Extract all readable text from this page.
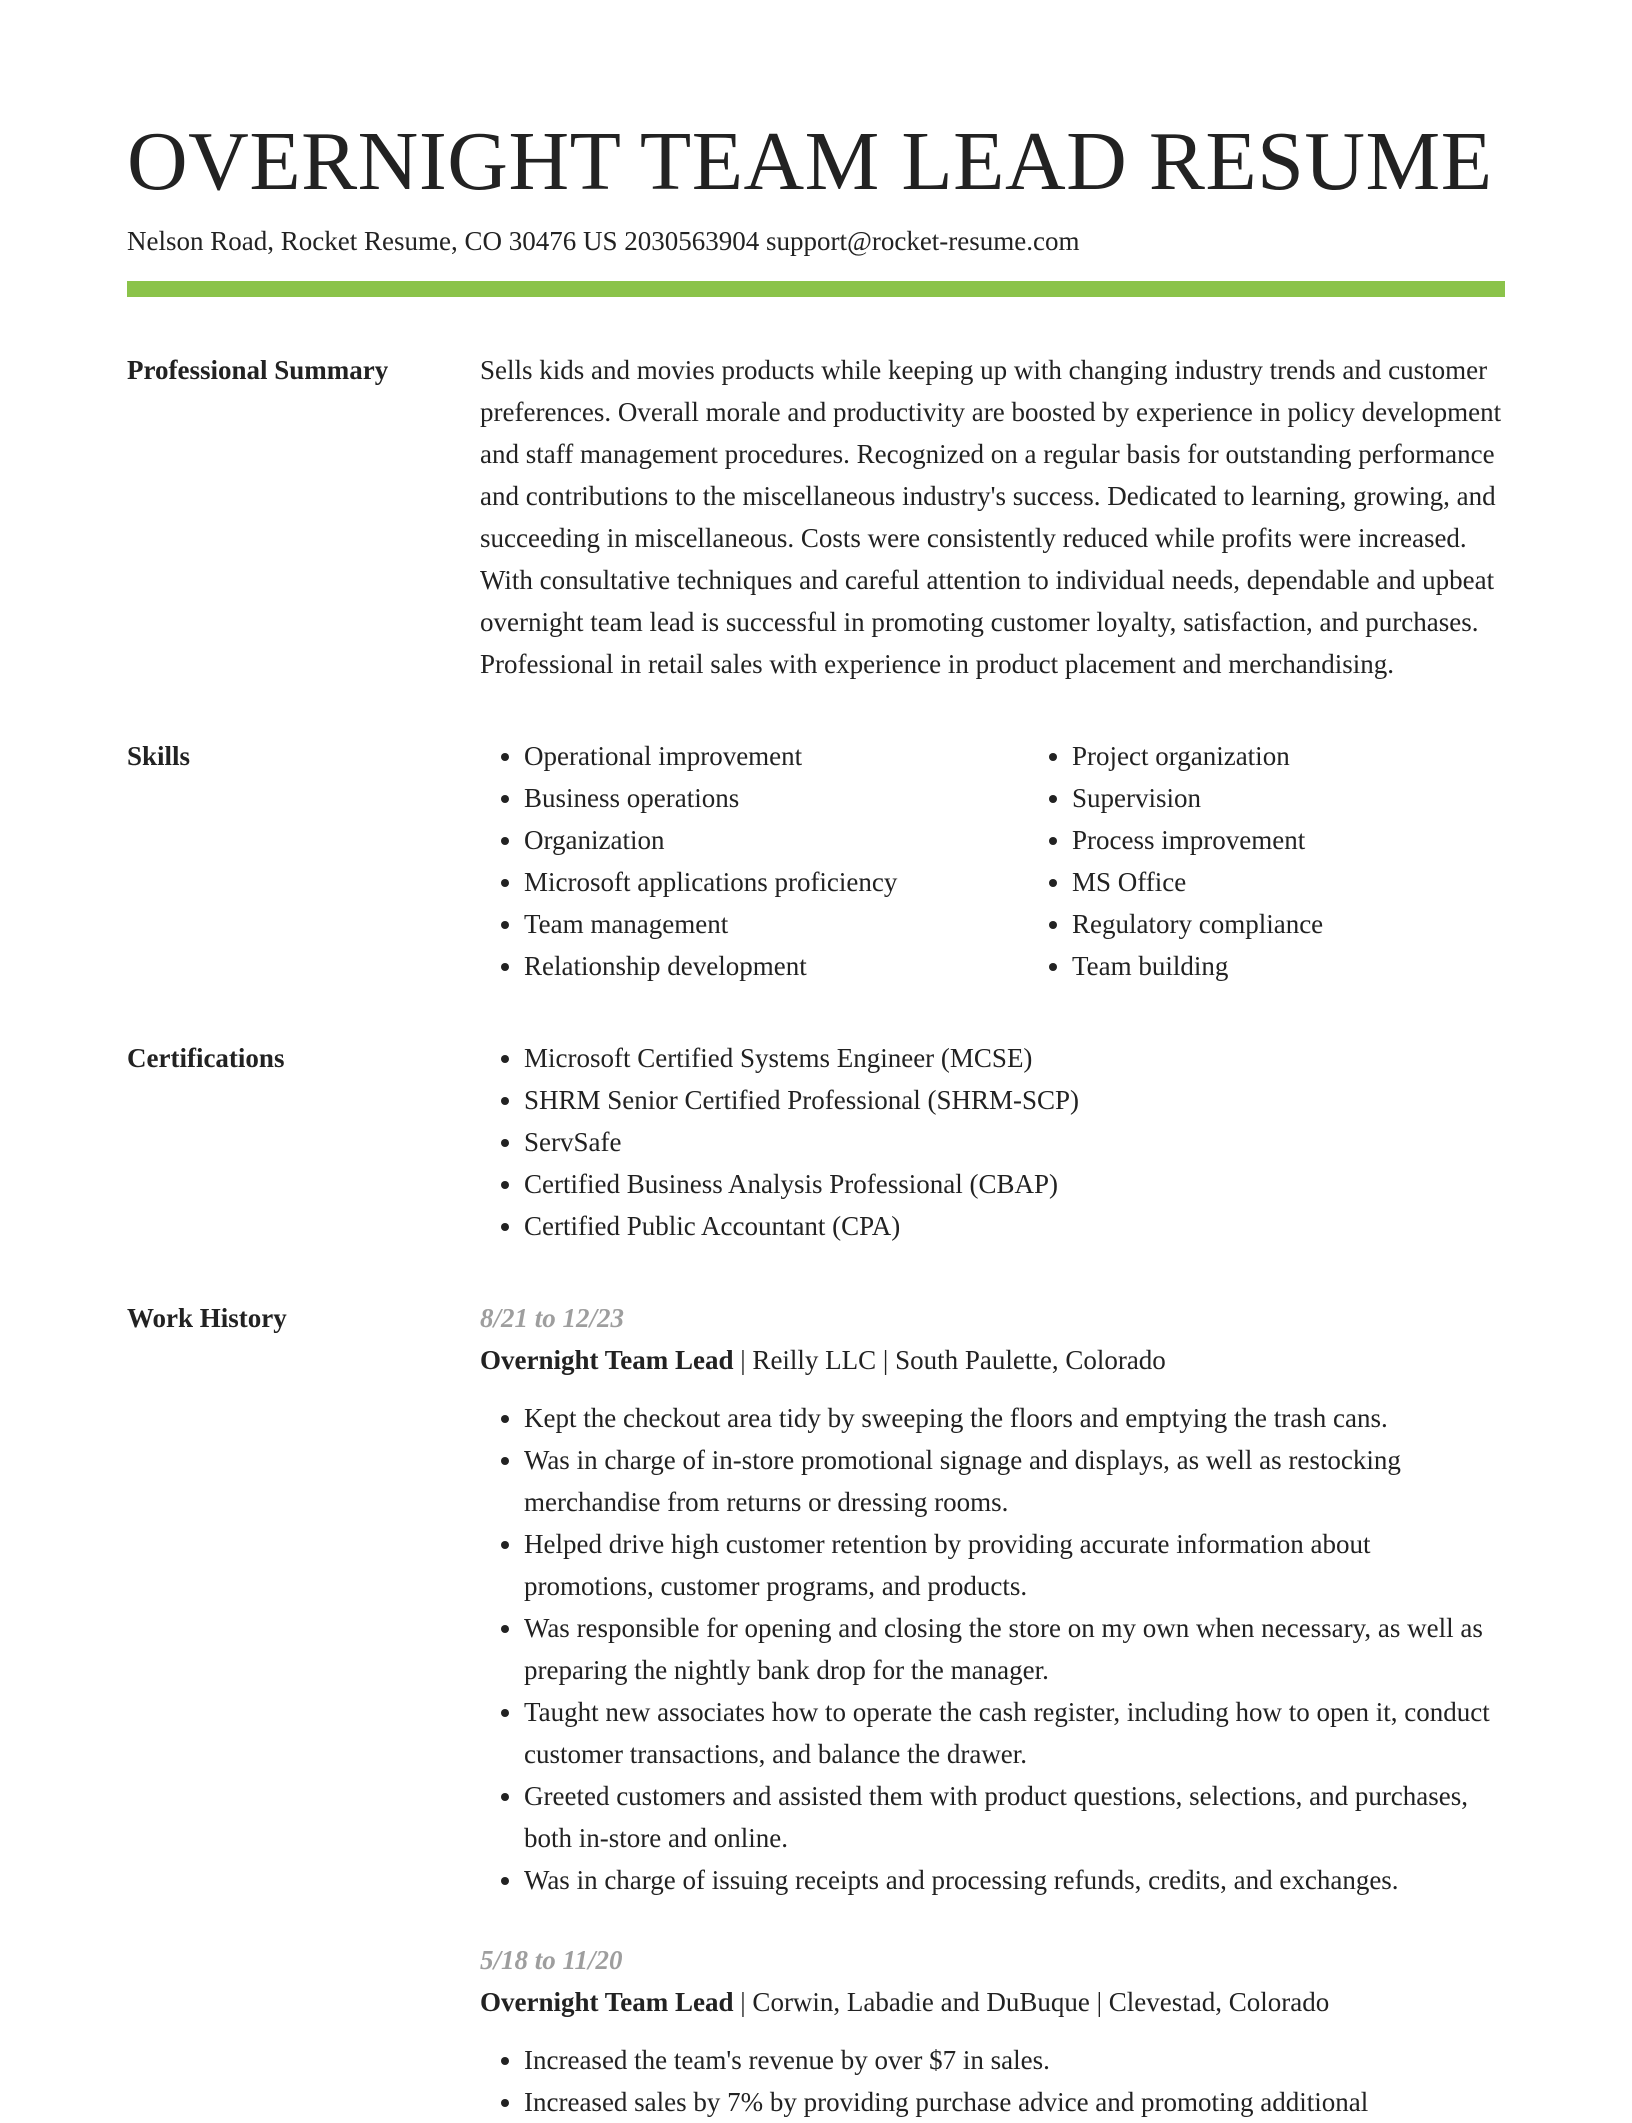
OVERNIGHT TEAM LEAD RESUME
Nelson Road, Rocket Resume, CO 30476 US 2030563904 support@rocket-resume.com
Professional Summary	Sells kids and movies products while keeping up with changing industry trends and customer preferences. Overall morale and productivity are boosted by experience in policy development and staff management procedures. Recognized on a regular basis for outstanding performance and contributions to the miscellaneous industry's success. Dedicated to learning, growing, and succeeding in miscellaneous. Costs were consistently reduced while profits were increased. With consultative techniques and careful attention to individual needs, dependable and upbeat overnight team lead is successful in promoting customer loyalty, satisfaction, and purchases. Professional in retail sales with experience in product placement and merchandising.

Skills	• Operational improvement
• Business operations
• Organization
• Microsoft applications proficiency
• Team management
• Relationship development
• Project organization
• Supervision
• Process improvement
• MS Office
• Regulatory compliance
• Team building
Certifications	• Microsoft Certified Systems Engineer (MCSE)
• SHRM Senior Certified Professional (SHRM-SCP)
• ServSafe
• Certified Business Analysis Professional (CBAP)
• Certified Public Accountant (CPA)
Work History	8/21 to 12/23
Overnight Team Lead | Reilly LLC | South Paulette, Colorado
• Kept the checkout area tidy by sweeping the floors and emptying the trash cans.
• Was in charge of in-store promotional signage and displays, as well as restocking merchandise from returns or dressing rooms.
• Helped drive high customer retention by providing accurate information about promotions, customer programs, and products.
• Was responsible for opening and closing the store on my own when necessary, as well as preparing the nightly bank drop for the manager.
• Taught new associates how to operate the cash register, including how to open it, conduct customer transactions, and balance the drawer.
• Greeted customers and assisted them with product questions, selections, and purchases, both in-store and online.
• Was in charge of issuing receipts and processing refunds, credits, and exchanges.
5/18 to 11/20
Overnight Team Lead | Corwin, Labadie and DuBuque | Clevestad, Colorado
• Increased the team's revenue by over $7 in sales.
• Increased sales by 7% by providing purchase advice and promoting additional
